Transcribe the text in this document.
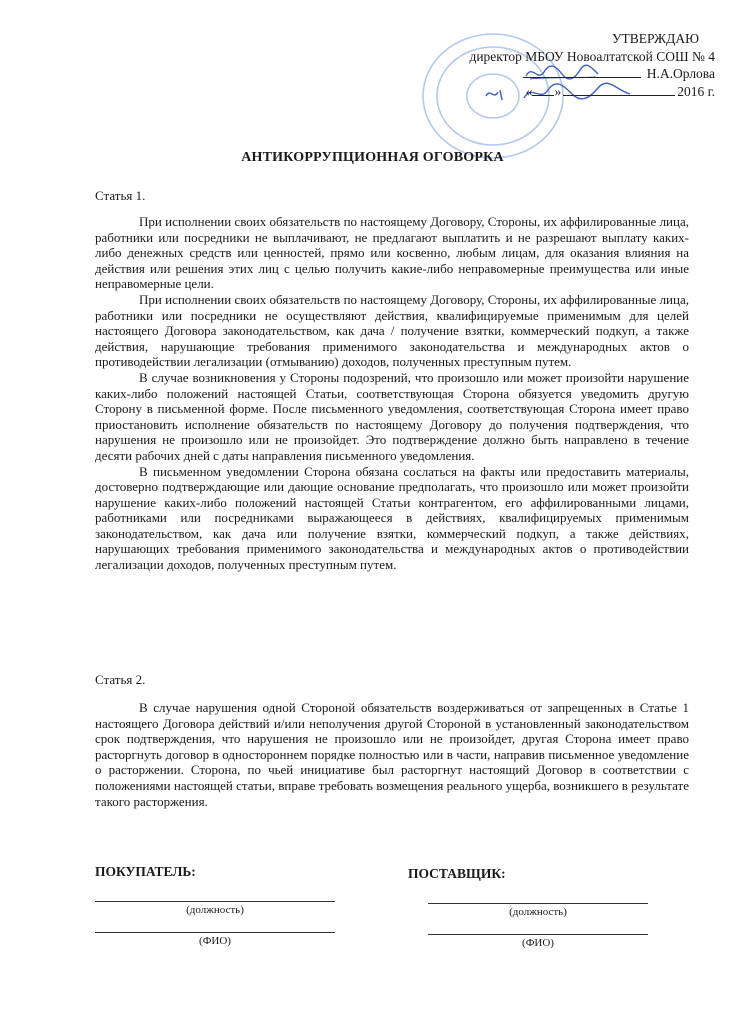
УТВЕРЖДАЮ
директор МБОУ Новоалтатской СОШ № 4
Н.А.Орлова
« »	2016 г.
АНТИКОРРУПЦИОННАЯ ОГОВОРКА
Статья 1.

При исполнении своих обязательств по настоящему Договору, Стороны, их аффилированные лица, работники или посредники не выплачивают, не предлагают выплатить и не разрешают выплату каких-либо денежных средств или ценностей, прямо или косвенно, любым лицам, для оказания влияния на действия или решения этих лиц с целью получить какие-либо неправомерные преимущества или иные неправомерные цели.

При исполнении своих обязательств по настоящему Договору, Стороны, их аффилированные лица, работники или посредники не осуществляют действия, квалифицируемые применимым для целей настоящего Договора законодательством, как дача / получение взятки, коммерческий подкуп, а также действия, нарушающие требования применимого законодательства и международных актов о противодействии легализации (отмыванию) доходов, полученных преступным путем.

В случае возникновения у Стороны подозрений, что произошло или может произойти нарушение каких-либо положений настоящей Статьи, соответствующая Сторона обязуется уведомить другую Сторону в письменной форме. После письменного уведомления, соответствующая Сторона имеет право приостановить исполнение обязательств по настоящему Договору до получения подтверждения, что нарушения не произошло или не произойдет. Это подтверждение должно быть направлено в течение десяти рабочих дней с даты направления письменного уведомления.

В письменном уведомлении Сторона обязана сослаться на факты или предоставить материалы, достоверно подтверждающие или дающие основание предполагать, что произошло или может произойти нарушение каких-либо положений настоящей Статьи контрагентом, его аффилированными лицами, работниками или посредниками выражающееся в действиях, квалифицируемых применимым законодательством, как дача или получение взятки, коммерческий подкуп, а также действиях, нарушающих требования применимого законодательства и международных актов о противодействии легализации доходов, полученных преступным путем.

Статья 2.

В случае нарушения одной Стороной обязательств воздерживаться от запрещенных в Статье 1 настоящего Договора действий и/или неполучения другой Стороной в установленный законодательством срок подтверждения, что нарушения не произошло или не произойдет, другая Сторона имеет право расторгнуть договор в одностороннем порядке полностью или в части, направив письменное уведомление о расторжении. Сторона, по чьей инициативе был расторгнут настоящий Договор в соответствии с положениями настоящей статьи, вправе требовать возмещения реального ущерба, возникшего в результате такого расторжения.

ПОКУПАТЕЛЬ:	ПОСТАВЩИК:
(должность)
(ФИО)
(должность)
(ФИО)
